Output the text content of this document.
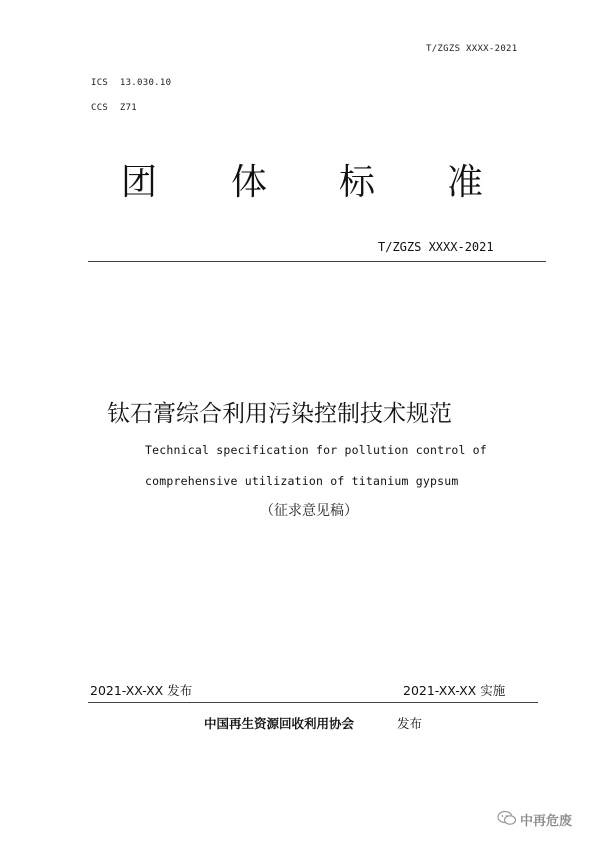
T/ZGZS XXXX-2021
ICS 13.030.10
CCS Z71
团 体 标 准
T/ZGZS XXXX-2021
钛石膏综合利用污染控制技术规范
Technical specification for pollution control of
comprehensive utilization of titanium gypsum
（征求意见稿）
2021-XX-XX 发布	2021-XX-XX 实施
中国再生资源回收利用协会	发布
中再危废
